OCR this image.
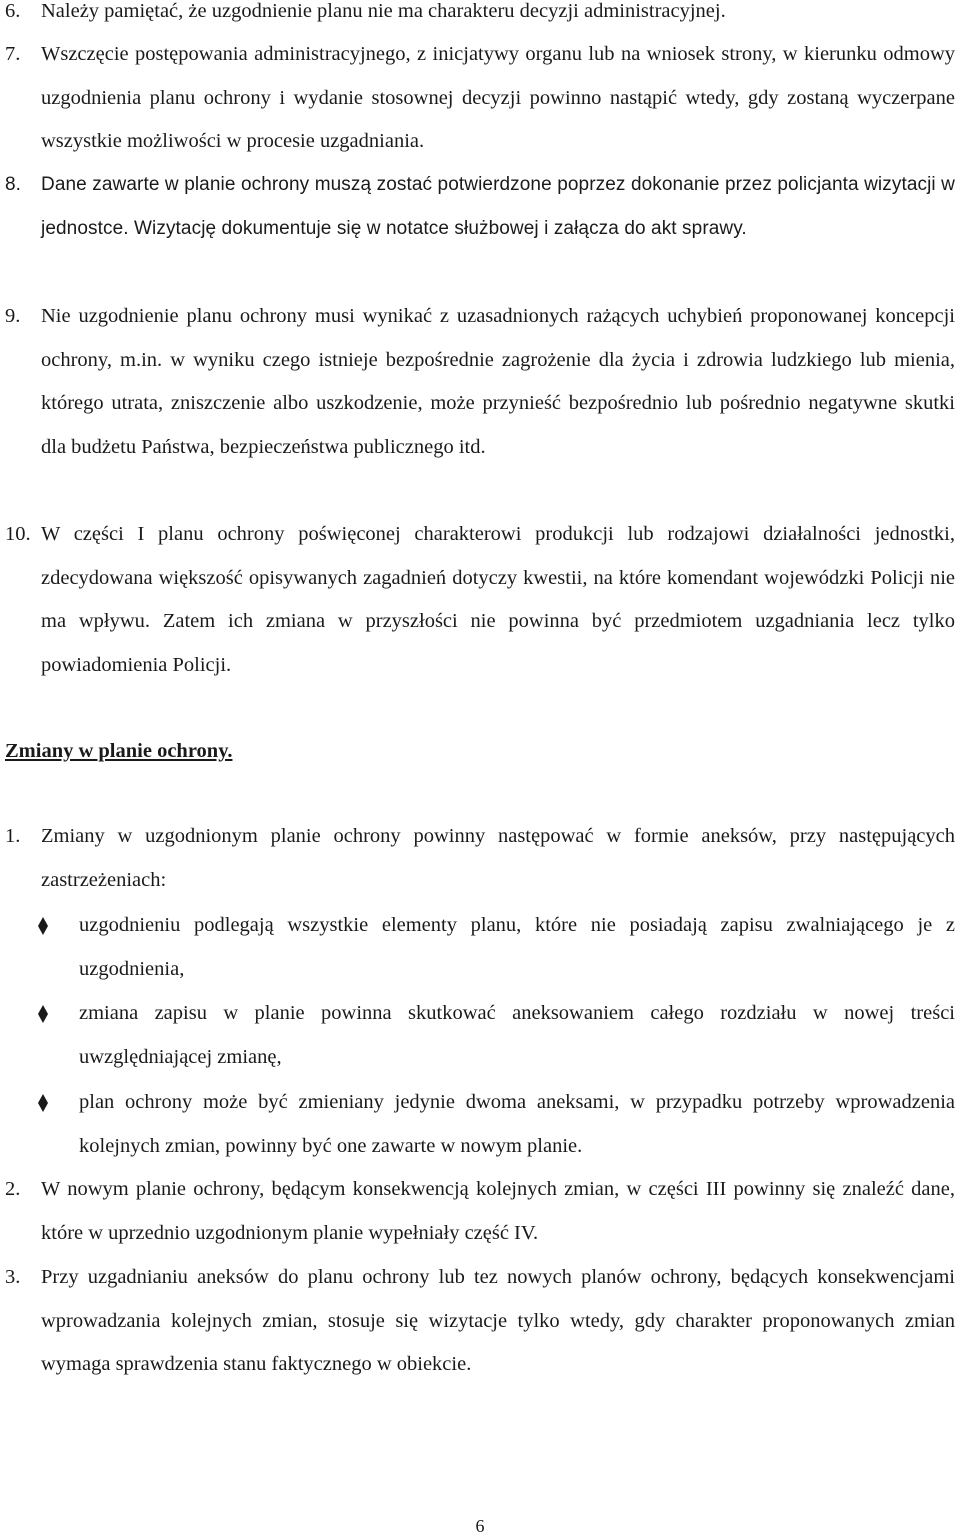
6. Należy pamiętać, że uzgodnienie planu nie ma charakteru decyzji administracyjnej.
7. Wszczęcie postępowania administracyjnego, z inicjatywy organu lub na wniosek strony, w kierunku odmowy uzgodnienia planu ochrony i wydanie stosownej decyzji powinno nastąpić wtedy, gdy zostaną wyczerpane wszystkie możliwości w procesie uzgadniania.
8. Dane zawarte w planie ochrony muszą zostać potwierdzone poprzez dokonanie przez policjanta wizytacji w jednostce. Wizytację dokumentuje się w notatce służbowej i załącza do akt sprawy.
9. Nie uzgodnienie planu ochrony musi wynikać z uzasadnionych rażących uchybień proponowanej koncepcji ochrony, m.in. w wyniku czego istnieje bezpośrednie zagrożenie dla życia i zdrowia ludzkiego lub mienia, którego utrata, zniszczenie albo uszkodzenie, może przynieść bezpośrednio lub pośrednio negatywne skutki dla budżetu Państwa, bezpieczeństwa publicznego itd.
10. W części I planu ochrony poświęconej charakterowi produkcji lub rodzajowi działalności jednostki, zdecydowana większość opisywanych zagadnień dotyczy kwestii, na które komendant wojewódzki Policji nie ma wpływu. Zatem ich zmiana w przyszłości nie powinna być przedmiotem uzgadniania lecz tylko powiadomienia Policji.
Zmiany w planie ochrony.
1. Zmiany w uzgodnionym planie ochrony powinny następować w formie aneksów, przy następujących zastrzeżeniach:
uzgodnieniu podlegają wszystkie elementy planu, które nie posiadają zapisu zwalniającego je z uzgodnienia,
zmiana zapisu w planie powinna skutkować aneksowaniem całego rozdziału w nowej treści uwzględniającej zmianę,
plan ochrony może być zmieniany jedynie dwoma aneksami, w przypadku potrzeby wprowadzenia kolejnych zmian, powinny być one zawarte w nowym planie.
2. W nowym planie ochrony, będącym konsekwencją kolejnych zmian, w części III powinny się znaleźć dane, które w uprzednio uzgodnionym planie wypełniały część IV.
3. Przy uzgadnianiu aneksów do planu ochrony lub tez nowych planów ochrony, będących konsekwencjami wprowadzania kolejnych zmian, stosuje się wizytacje tylko wtedy, gdy charakter proponowanych zmian wymaga sprawdzenia stanu faktycznego w obiekcie.
6
